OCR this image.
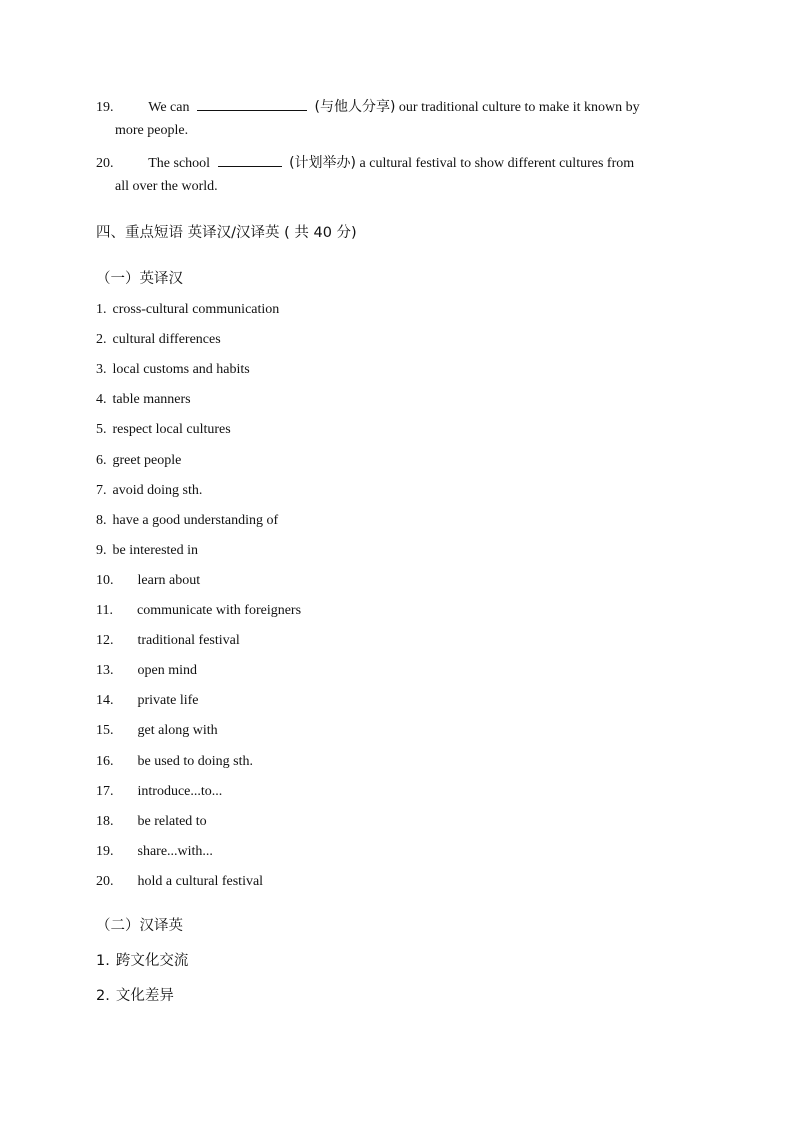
19. We can	(与他人分享) our traditional culture to make it known by
more people.
20. The school	(计划举办) a cultural festival to show different cultures from
all over the world.
四、重点短语 英译汉/汉译英 ( 共 40 分)
（一）英译汉
1. cross-cultural communication
2. cultural differences
3. local customs and habits
4. table manners
5. respect local cultures
6. greet people
7. avoid doing sth.
8. have a good understanding of
9. be interested in
10. learn about
11. communicate with foreigners
12. traditional festival
13. open mind
14. private life
15. get along with
16. be used to doing sth.
17. introduce...to...
18. be related to
19. share...with...
20. hold a cultural festival
（二）汉译英
1. 跨文化交流
2. 文化差异
